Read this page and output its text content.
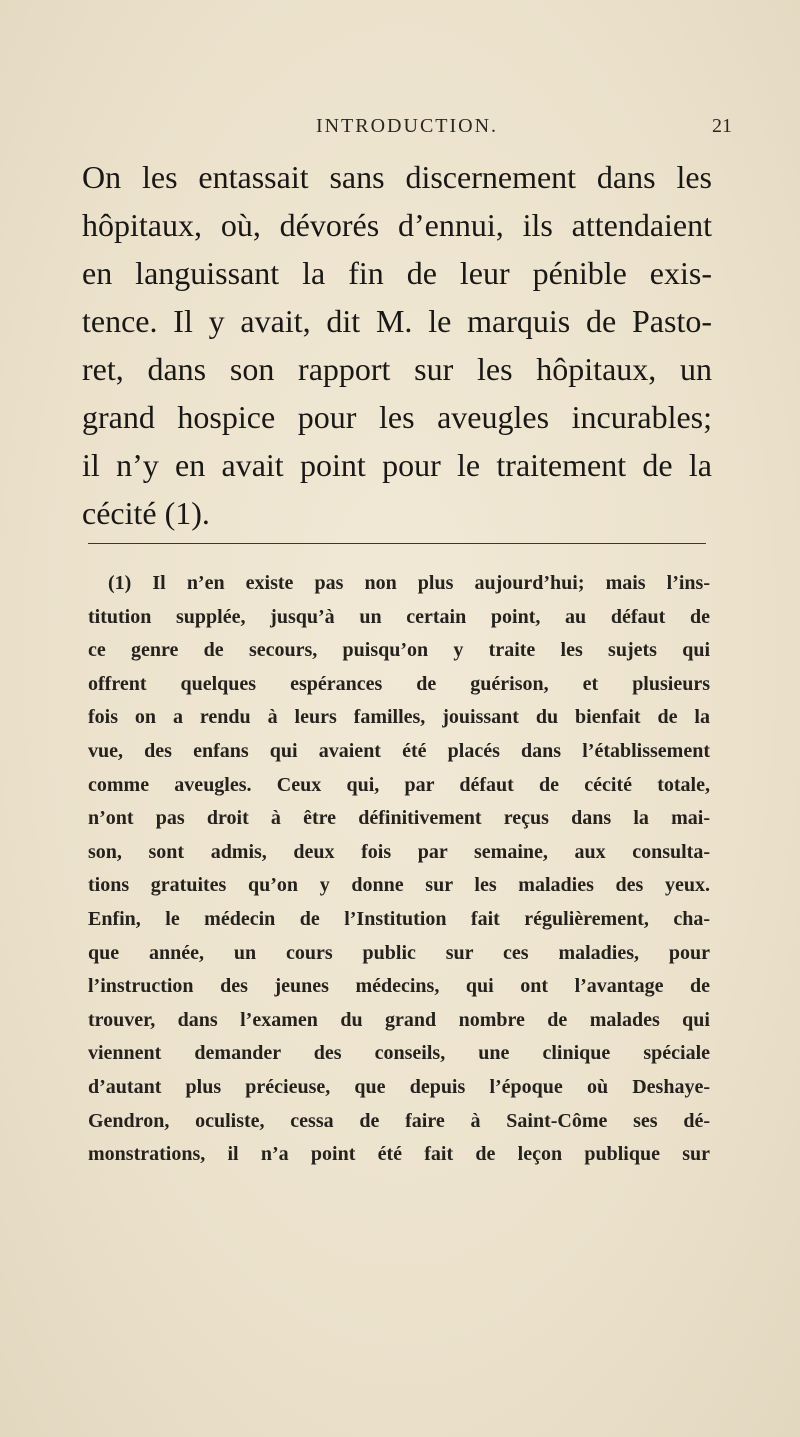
INTRODUCTION.	21
On les entassait sans discernement dans les
hôpitaux, où, dévorés d’ennui, ils attendaient
en languissant la fin de leur pénible exis-
tence. Il y avait, dit M. le marquis de Pasto-
ret, dans son rapport sur les hôpitaux, un
grand hospice pour les aveugles incurables;
il n’y en avait point pour le traitement de la
cécité (1).
(1) Il n’en existe pas non plus aujourd’hui; mais l’ins-
titution supplée, jusqu’à un certain point, au défaut de
ce genre de secours, puisqu’on y traite les sujets qui
offrent quelques espérances de guérison, et plusieurs
fois on a rendu à leurs familles, jouissant du bienfait de la
vue, des enfans qui avaient été placés dans l’établissement
comme aveugles. Ceux qui, par défaut de cécité totale,
n’ont pas droit à être définitivement reçus dans la mai-
son, sont admis, deux fois par semaine, aux consulta-
tions gratuites qu’on y donne sur les maladies des yeux.
Enfin, le médecin de l’Institution fait régulièrement, cha-
que année, un cours public sur ces maladies, pour
l’instruction des jeunes médecins, qui ont l’avantage de
trouver, dans l’examen du grand nombre de malades qui
viennent demander des conseils, une clinique spéciale
d’autant plus précieuse, que depuis l’époque où Deshaye-
Gendron, oculiste, cessa de faire à Saint-Côme ses dé-
monstrations, il n’a point été fait de leçon publique sur
